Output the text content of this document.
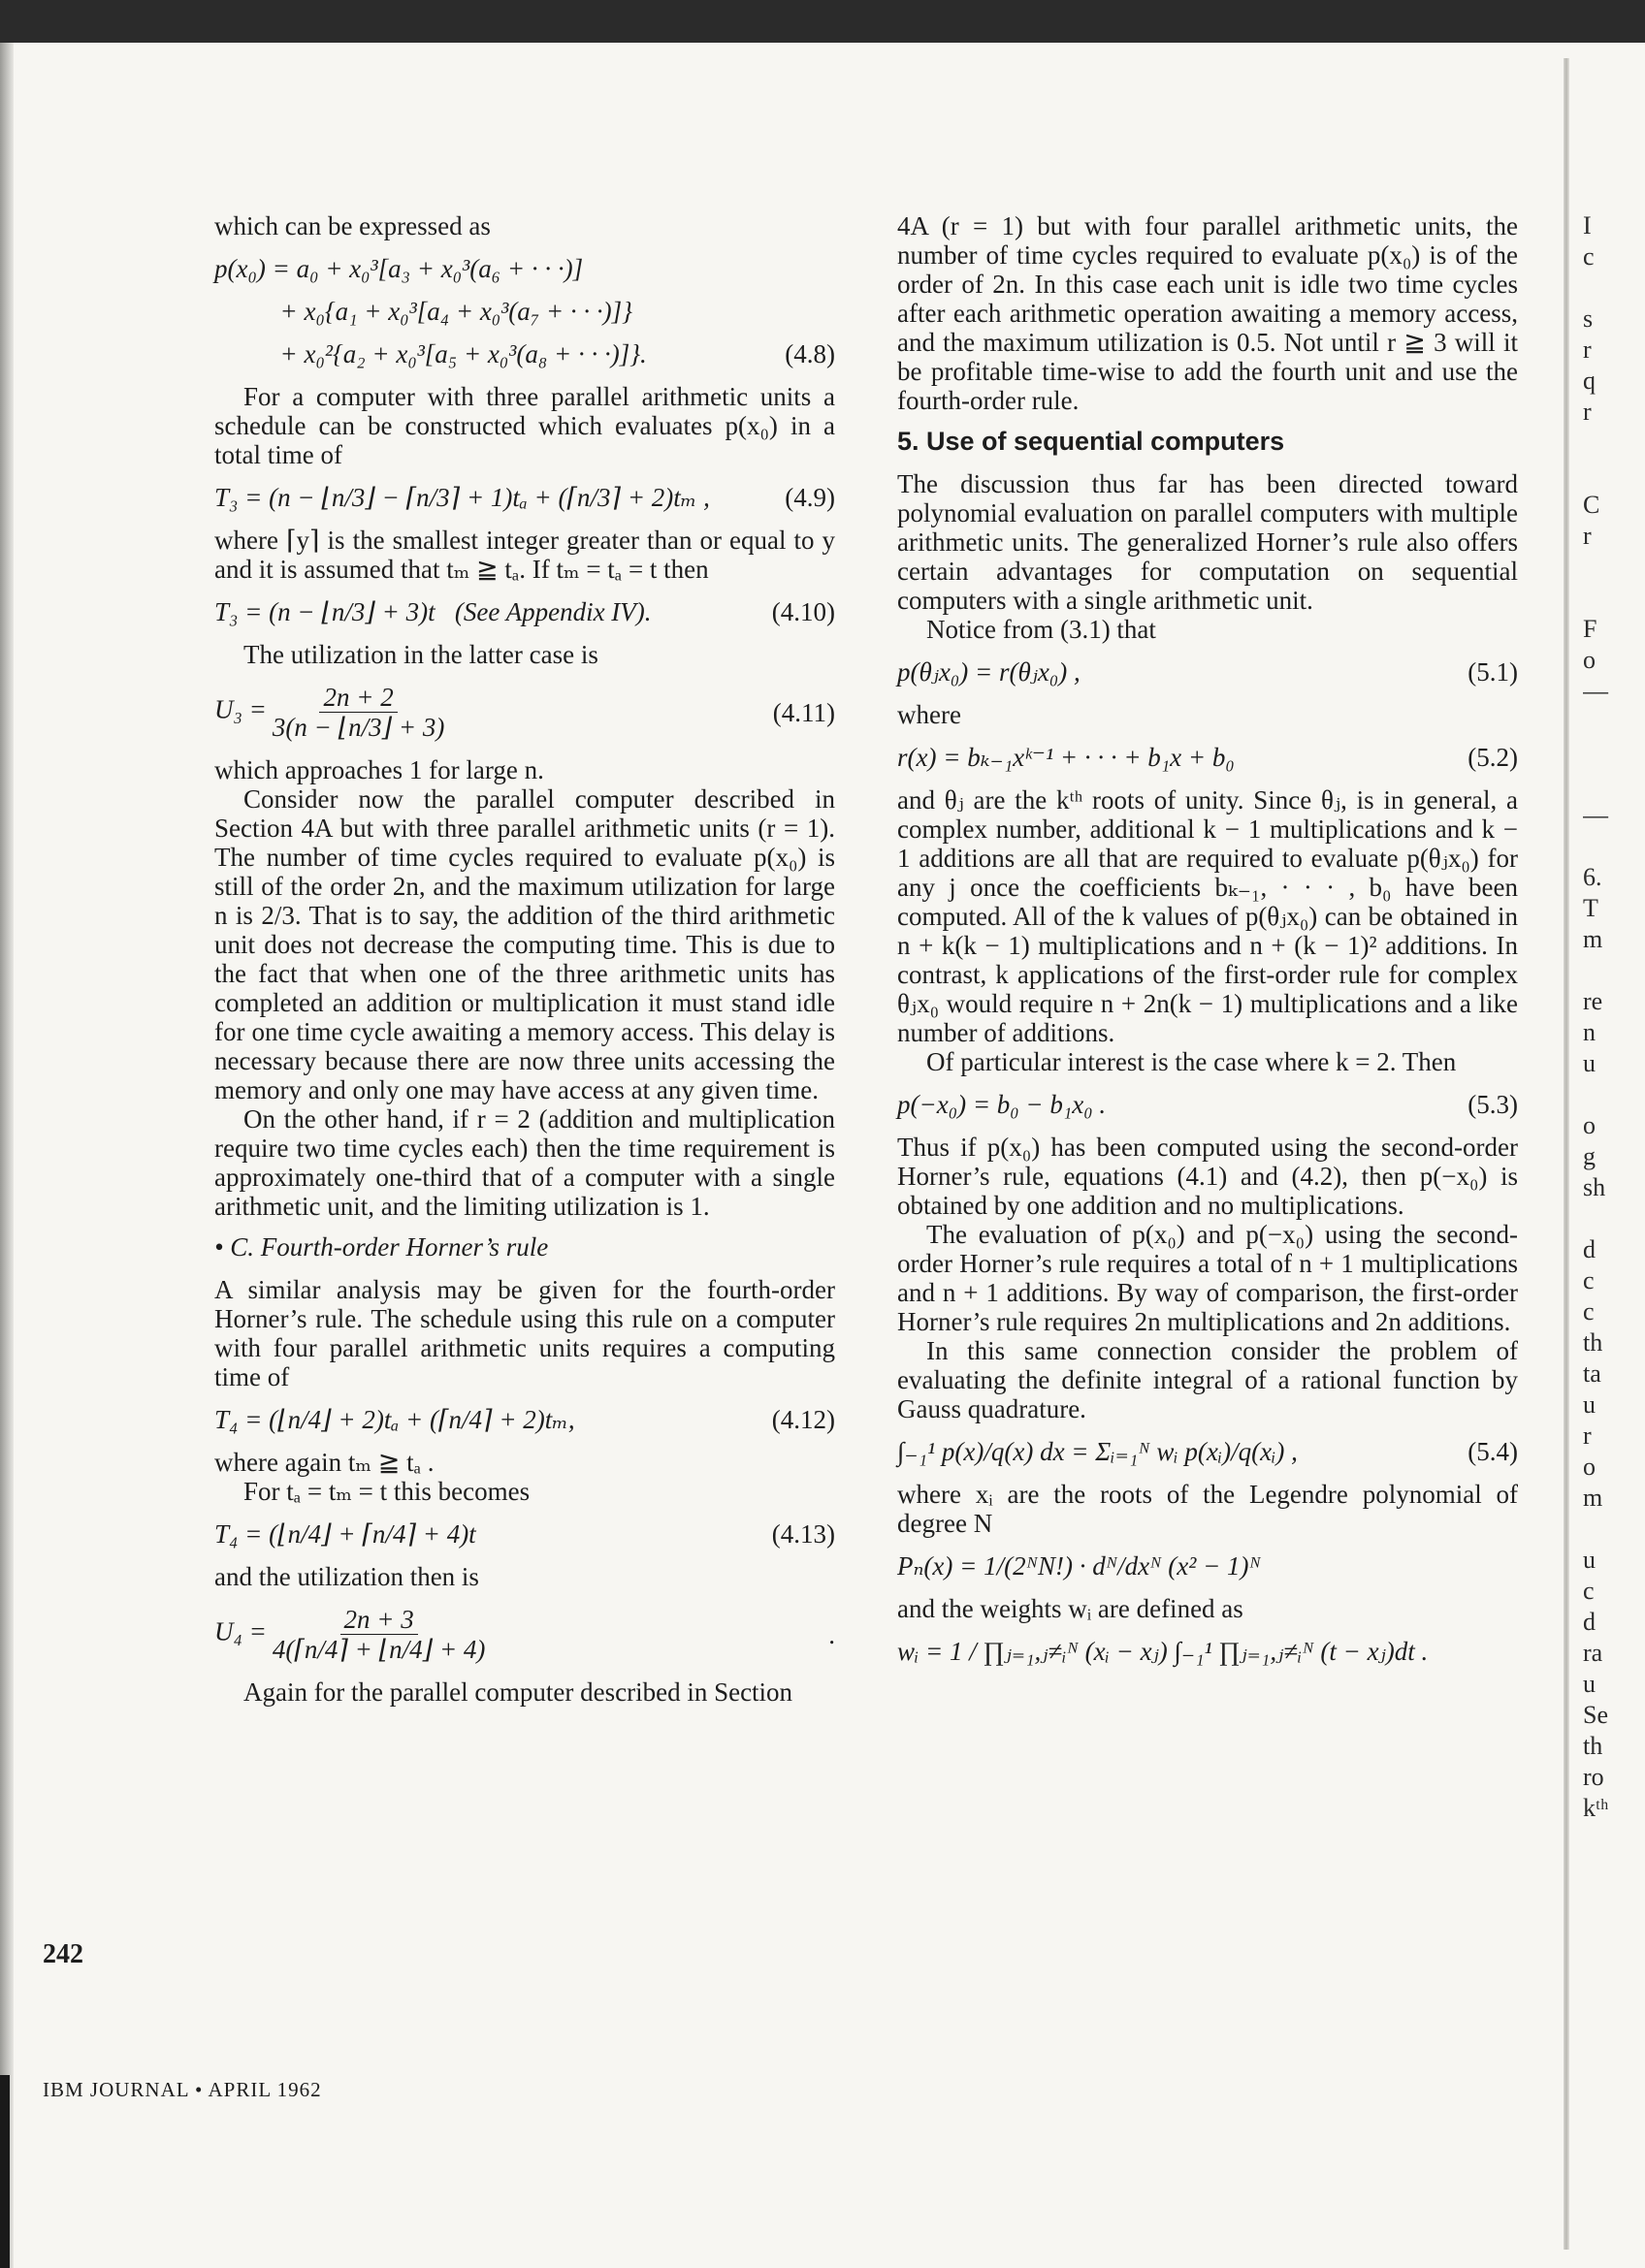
which can be expressed as

p(x₀) = a₀ + x₀³[a₃ + x₀³(a₆ + · · ·)]
+ x₀{a₁ + x₀³[a₄ + x₀³(a₇ + · · ·)]}
+ x₀²{a₂ + x₀³[a₅ + x₀³(a₈ + · · ·)]}.	(4.8)

For a computer with three parallel arithmetic units a schedule can be constructed which evaluates p(x₀) in a total time of

T₃ = (n − ⌊n/3⌋ − ⌈n/3⌉ + 1)tₐ + (⌈n/3⌉ + 2)tₘ ,	(4.9)

where ⌈y⌉ is the smallest integer greater than or equal to y and it is assumed that tₘ ≧ tₐ. If tₘ = tₐ = t then

T₃ = (n − ⌊n/3⌋ + 3)t   (See Appendix IV).	(4.10)

The utilization in the latter case is

$U_3 = \frac{2n + 2}{3(n - ⌊n/3⌋ + 3)}$	(4.11)

which approaches 1 for large n.

Consider now the parallel computer described in Section 4A but with three parallel arithmetic units (r = 1). The number of time cycles required to evaluate p(x₀) is still of the order 2n, and the maximum utilization for large n is 2/3. That is to say, the addition of the third arithmetic unit does not decrease the computing time. This is due to the fact that when one of the three arithmetic units has completed an addition or multiplication it must stand idle for one time cycle awaiting a memory access. This delay is necessary because there are now three units accessing the memory and only one may have access at any given time.

On the other hand, if r = 2 (addition and multiplication require two time cycles each) then the time requirement is approximately one-third that of a computer with a single arithmetic unit, and the limiting utilization is 1.

• C. Fourth-order Horner’s rule

A similar analysis may be given for the fourth-order Horner’s rule. The schedule using this rule on a computer with four parallel arithmetic units requires a computing time of

T₄ = (⌊n/4⌋ + 2)tₐ + (⌈n/4⌉ + 2)tₘ,	(4.12)

where again tₘ ≧ tₐ .

For tₐ = tₘ = t this becomes

T₄ = (⌊n/4⌋ + ⌈n/4⌉ + 4)t	(4.13)

and the utilization then is

$U_4 = \frac{2n + 3}{4(⌈n/4⌉ + ⌊n/4⌋ + 4)}$	.

Again for the parallel computer described in Section

4A (r = 1) but with four parallel arithmetic units, the number of time cycles required to evaluate p(x₀) is of the order of 2n. In this case each unit is idle two time cycles after each arithmetic operation awaiting a memory access, and the maximum utilization is 0.5. Not until r ≧ 3 will it be profitable time-wise to add the fourth unit and use the fourth-order rule.

5. Use of sequential computers

The discussion thus far has been directed toward polynomial evaluation on parallel computers with multiple arithmetic units. The generalized Horner’s rule also offers certain advantages for computation on sequential computers with a single arithmetic unit.

Notice from (3.1) that

p(θⱼx₀) = r(θⱼx₀) ,	(5.1)

where

r(x) = bₖ₋₁xᵏ⁻¹ + · · · + b₁x + b₀	(5.2)

and θⱼ are the kᵗʰ roots of unity. Since θⱼ, is in general, a complex number, additional k − 1 multiplications and k − 1 additions are all that are required to evaluate p(θⱼx₀) for any j once the coefficients bₖ₋₁, · · · , b₀ have been computed. All of the k values of p(θⱼx₀) can be obtained in n + k(k − 1) multiplications and n + (k − 1)² additions. In contrast, k applications of the first-order rule for complex θⱼx₀ would require n + 2n(k − 1) multiplications and a like number of additions.

Of particular interest is the case where k = 2. Then

p(−x₀) = b₀ − b₁x₀ .	(5.3)

Thus if p(x₀) has been computed using the second-order Horner’s rule, equations (4.1) and (4.2), then p(−x₀) is obtained by one addition and no multiplications.

The evaluation of p(x₀) and p(−x₀) using the second-order Horner’s rule requires a total of n + 1 multiplications and n + 1 additions. By way of comparison, the first-order Horner’s rule requires 2n multiplications and 2n additions.

In this same connection consider the problem of evaluating the definite integral of a rational function by Gauss quadrature.

∫₋₁¹ p(x)/q(x) dx = Σᵢ₌₁ᴺ wᵢ p(xᵢ)/q(xᵢ) ,	(5.4)

where xᵢ are the roots of the Legendre polynomial of degree N

Pₙ(x) = 1/(2ᴺN!) · dᴺ/dxᴺ (x² − 1)ᴺ

and the weights wᵢ are defined as

wᵢ = 1 / ∏ⱼ₌₁,ⱼ≠ᵢᴺ (xᵢ − xⱼ) ∫₋₁¹ ∏ⱼ₌₁,ⱼ≠ᵢᴺ (t − xⱼ)dt .
I
c
s
r
q
r
C
r
F
o
—
—
6.
T
m
re
n
u
o
g
sh
d
c
c
th
ta
u
r
o
m
u
c
d
ra
u
Se
th
ro
kᵗʰ
242
IBM JOURNAL • APRIL 1962
